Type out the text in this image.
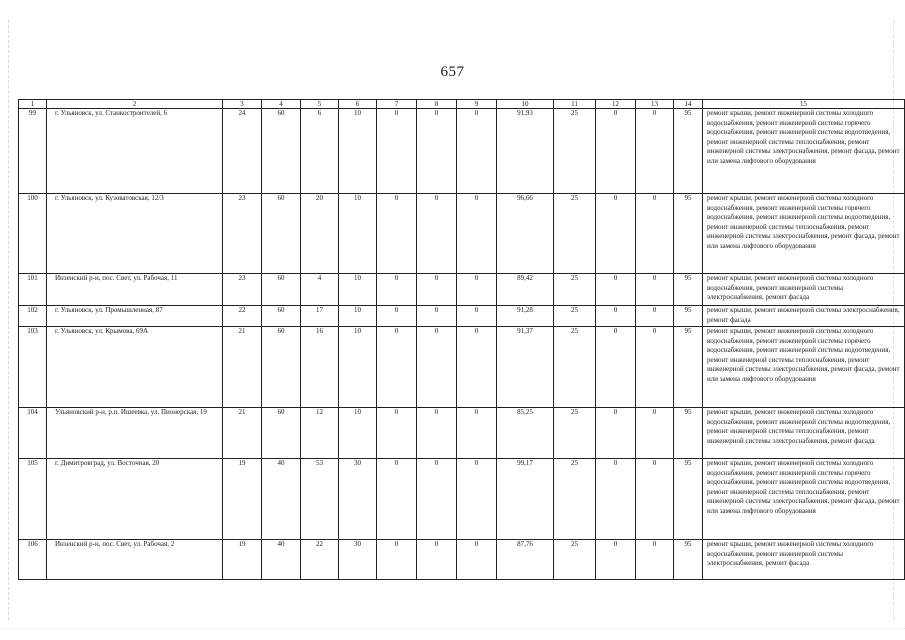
657
1	2	3	4	5	6	7	8	9	10	11	12	13	14	15
99	г. Ульяновск, ул. Станкостроителей, 6	24	60	6	10	0	0	0	91,93	25	0	0	95	ремонт крыши, ремонт инженерной системы холодного водоснабжения, ремонт инженерной системы горячего водоснабжения, ремонт инженерной системы водоотведения, ремонт инженерной системы теплоснабжения, ремонт инженерной системы электроснабжения, ремонт фасада, ремонт или замена лифтового оборудования
100	г. Ульяновск, ул. Кузоватовская, 12/3	23	60	20	10	0	0	0	96,66	25	0	0	95	ремонт крыши, ремонт инженерной системы холодного водоснабжения, ремонт инженерной системы горячего водоснабжения, ремонт инженерной системы водоотведения, ремонт инженерной системы теплоснабжения, ремонт инженерной системы электроснабжения, ремонт фасада, ремонт или замена лифтового оборудования
101	Инзенский р-н, пос. Свет, ул. Рабочая, 11	23	60	4	10	0	0	0	89,42	25	0	0	95	ремонт крыши, ремонт инженерной системы холодного водоснабжения, ремонт инженерной системы электроснабжения, ремонт фасада
102	г. Ульяновск, ул. Промышленная, 87	22	60	17	10	0	0	0	91,28	25	0	0	95	ремонт крыши, ремонт инженерной системы электроснабжения, ремонт фасада
103	г. Ульяновск, ул. Крымова, 69А	21	60	16	10	0	0	0	91,37	25	0	0	95	ремонт крыши, ремонт инженерной системы холодного водоснабжения, ремонт инженерной системы горячего водоснабжения, ремонт инженерной системы водоотведения, ремонт инженерной системы теплоснабжения, ремонт инженерной системы электроснабжения, ремонт фасада, ремонт или замена лифтового оборудования
104	Ульяновский р-н, р.п. Ишеевка, ул. Пионерская, 19	21	60	12	10	0	0	0	85,25	25	0	0	95	ремонт крыши, ремонт инженерной системы холодного водоснабжения, ремонт инженерной системы водоотведения, ремонт инженерной системы теплоснабжения, ремонт инженерной системы электроснабжения, ремонт фасада
105	г. Димитровград, ул. Восточная, 20	19	40	53	30	0	0	0	99,17	25	0	0	95	ремонт крыши, ремонт инженерной системы холодного водоснабжения, ремонт инженерной системы горячего водоснабжения, ремонт инженерной системы водоотведения, ремонт инженерной системы теплоснабжения, ремонт инженерной системы электроснабжения, ремонт фасада, ремонт или замена лифтового оборудования
106	Инзенский р-н, пос. Свет, ул. Рабочая, 2	19	40	22	30	0	0	0	87,76	25	0	0	95	ремонт крыши, ремонт инженерной системы холодного водоснабжения, ремонт инженерной системы электроснабжения, ремонт фасада
